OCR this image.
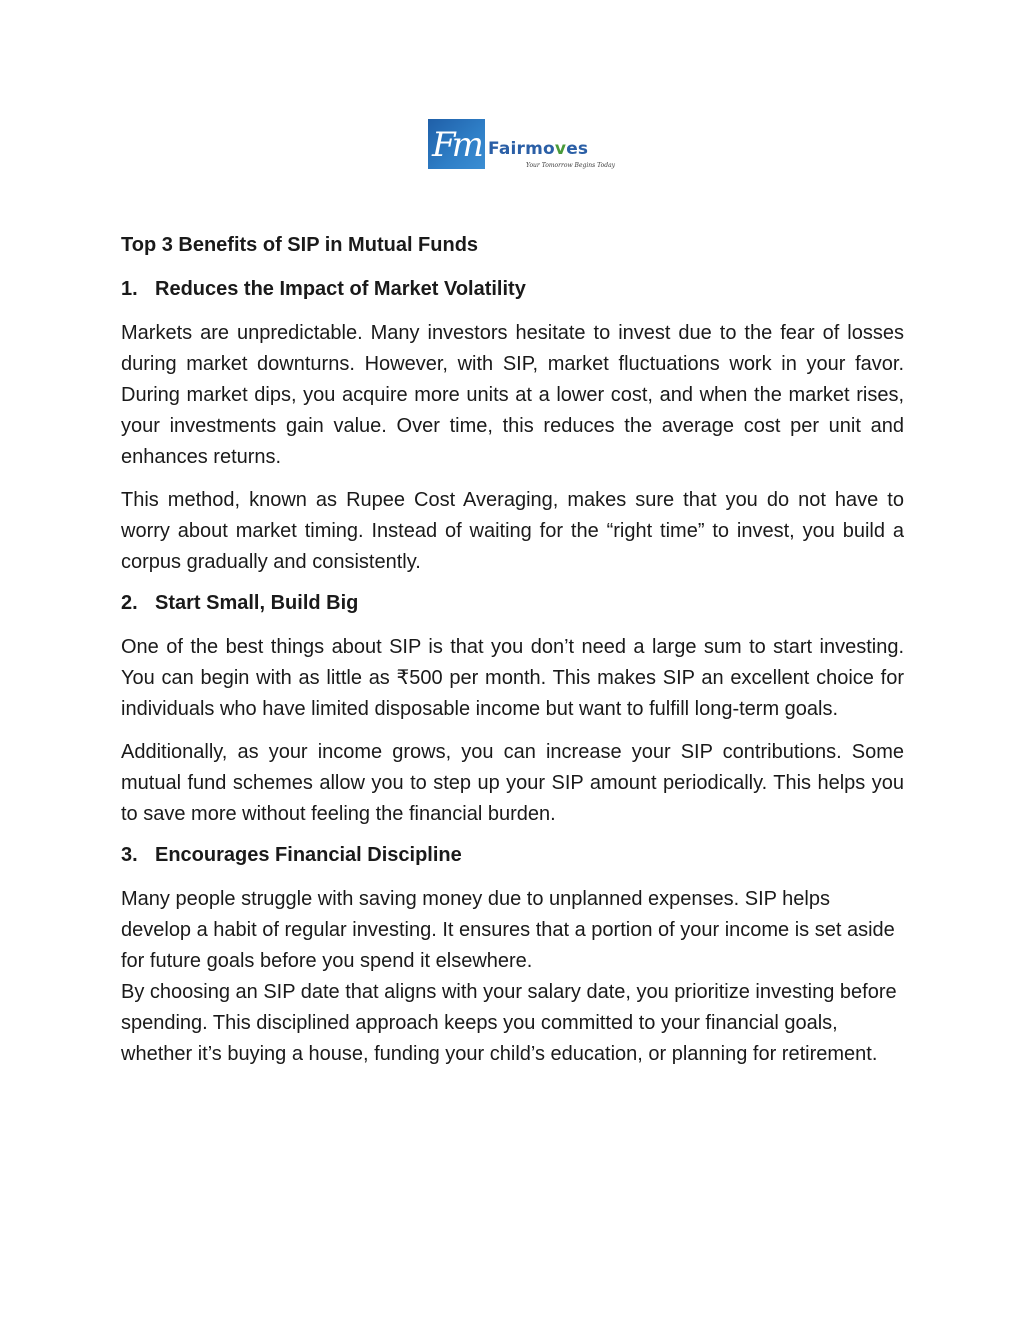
Fm Fairmoves
Your Tomorrow Begins Today
Top 3 Benefits of SIP in Mutual Funds
1. Reduces the Impact of Market Volatility

Markets are unpredictable. Many investors hesitate to invest due to the fear of losses during market downturns. However, with SIP, market fluctuations work in your favor. During market dips, you acquire more units at a lower cost, and when the market rises, your investments gain value. Over time, this reduces the average cost per unit and enhances returns.

This method, known as Rupee Cost Averaging, makes sure that you do not have to worry about market timing. Instead of waiting for the “right time” to invest, you build a corpus gradually and consistently.

2. Start Small, Build Big

One of the best things about SIP is that you don’t need a large sum to start investing. You can begin with as little as ₹500 per month. This makes SIP an excellent choice for individuals who have limited disposable income but want to fulfill long-term goals.

Additionally, as your income grows, you can increase your SIP contributions. Some mutual fund schemes allow you to step up your SIP amount periodically. This helps you to save more without feeling the financial burden.

3. Encourages Financial Discipline

Many people struggle with saving money due to unplanned expenses. SIP helps develop a habit of regular investing. It ensures that a portion of your income is set aside for future goals before you spend it elsewhere.

By choosing an SIP date that aligns with your salary date, you prioritize investing before spending. This disciplined approach keeps you committed to your financial goals, whether it’s buying a house, funding your child’s education, or planning for retirement.
